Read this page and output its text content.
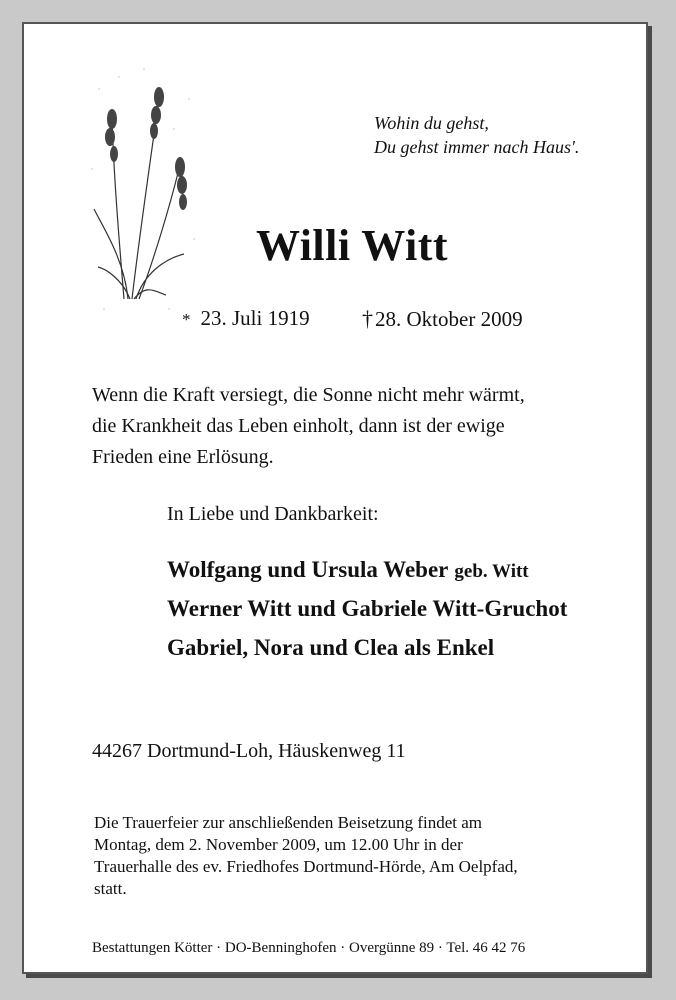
Wohin du gehst,
Du gehst immer nach Haus'.
Willi Witt
* 23. Juli 1919 †28. Oktober 2009
Wenn die Kraft versiegt, die Sonne nicht mehr wärmt,
die Krankheit das Leben einholt, dann ist der ewige
Frieden eine Erlösung.
In Liebe und Dankbarkeit:
Wolfgang und Ursula Weber geb. Witt
Werner Witt und Gabriele Witt-Gruchot
Gabriel, Nora und Clea als Enkel
44267 Dortmund-Loh, Häuskenweg 11
Die Trauerfeier zur anschließenden Beisetzung findet am
Montag, dem 2. November 2009, um 12.00 Uhr in der
Trauerhalle des ev. Friedhofes Dortmund-Hörde, Am Oelpfad,
statt.
Bestattungen Kötter · DO-Benninghofen · Overgünne 89 · Tel. 46 42 76
